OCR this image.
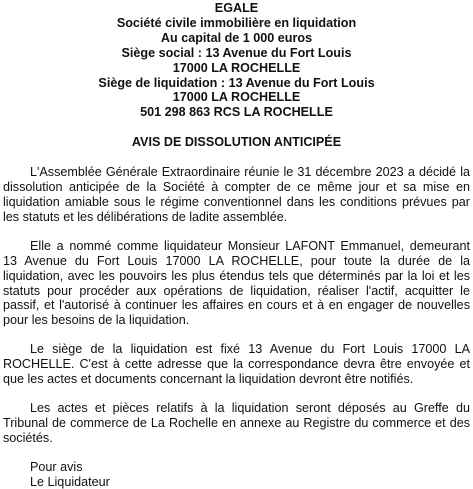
EGALE
Société civile immobilière en liquidation
Au capital de 1 000 euros
Siège social : 13 Avenue du Fort Louis
17000 LA ROCHELLE
Siège de liquidation : 13 Avenue du Fort Louis
17000 LA ROCHELLE
501 298 863 RCS LA ROCHELLE
AVIS DE DISSOLUTION ANTICIPÉE

L'Assemblée Générale Extraordinaire réunie le 31 décembre 2023 a décidé la dissolution anticipée de la Société à compter de ce même jour et sa mise en liquidation amiable sous le régime conventionnel dans les conditions prévues par les statuts et les délibérations de ladite assemblée.

Elle a nommé comme liquidateur Monsieur LAFONT Emmanuel, demeurant 13 Avenue du Fort Louis 17000 LA ROCHELLE, pour toute la durée de la liquidation, avec les pouvoirs les plus étendus tels que déterminés par la loi et les statuts pour procéder aux opérations de liquidation, réaliser l'actif, acquitter le passif, et l'autorisé à continuer les affaires en cours et à en engager de nouvelles pour les besoins de la liquidation.

Le siège de la liquidation est fixé 13 Avenue du Fort Louis 17000 LA ROCHELLE. C'est à cette adresse que la correspondance devra être envoyée et que les actes et documents concernant la liquidation devront être notifiés.

Les actes et pièces relatifs à la liquidation seront déposés au Greffe du Tribunal de commerce de La Rochelle en annexe au Registre du commerce et des sociétés.

Pour avis
Le Liquidateur
